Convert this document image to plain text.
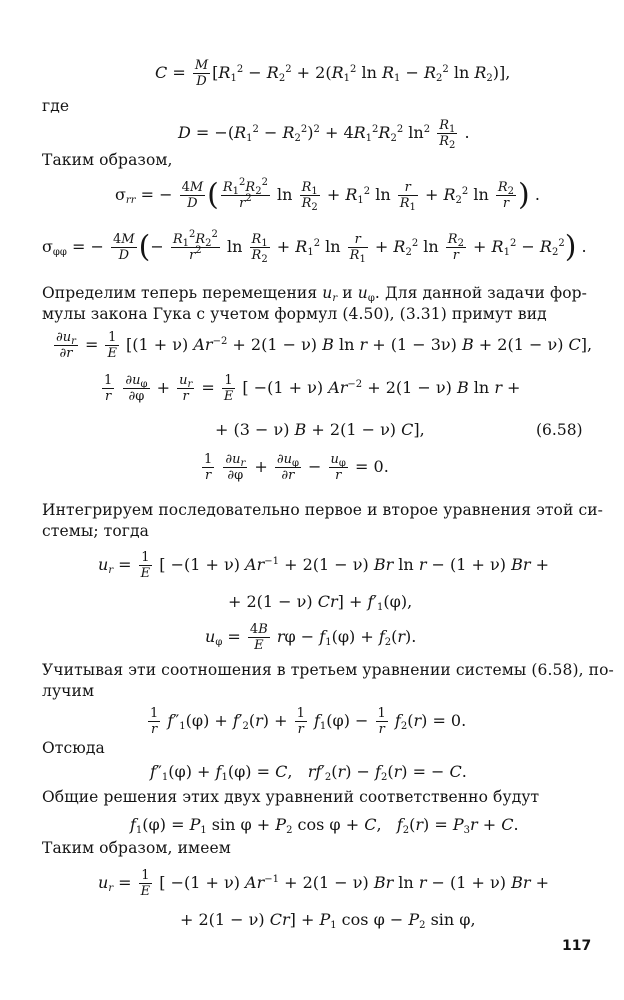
$C = \frac{M}{D} [R_1^2 - R_2^2 + 2(R_1^2$ $\ln R_1 - R_2^2$ $\ln R_2$)],
где
$D = -(R_1^2 - R_2^2)^2 + 4R_1^2R_2^2$ $\ln^2 \frac{R_1}{R_2}$ .
Таким образом,
$\sigma_{rr}$ = − $\frac{4M}{D}$ ( $\frac{R_1^2R_2^2}{r^2}$ $\ln \frac{R_1}{R_2} + R_1^2$ $\ln \frac{r}{R_1} + R_2^2$ $\ln \frac{R_2}{r}$ ) .
$\sigma_{\varphi\varphi}$ = − $\frac{4M}{D}$ (− $\frac{R_1^2R_2^2}{r^2}$ $\ln \frac{R_1}{R_2} + R_1^2$ $\ln \frac{r}{R_1} + R_2^2$ $\ln \frac{R_2}{r} + R_1^2 - R_2^2$) .
Определим теперь перемещения $u_r$ и $u_\varphi$. Для данной задачи фор-
мулы закона Гука с учетом формул (4.50), (3.31) примут вид
$\frac{\partial u_r}{\partial r} = \frac{1}{E} [(1 + \nu) Ar^{-2} + 2(1 - \nu)$ B ln r + (1 − 3ν) B + 2(1 − ν) C],
$\frac{1}{r}$
$\frac{\partial u_\varphi}{\partial\varphi} + \frac{u_r}{r} = \frac{1}{E}$ [ −(1 + ν) $Ar^{-2} + 2(1 - \nu)$ B ln r +
+ (3 − ν) B + 2(1 − ν) C],	(6.58)
$\frac{1}{r}$
$\frac{\partial u_r}{\partial\varphi} + \frac{\partial u_\varphi}{\partial r} - \frac{u_\varphi}{r} = 0$.
Интегрируем последовательно первое и второе уравнения этой си-
стемы; тогда
$u_r = \frac{1}{E}$ [ −(1 + ν) $Ar^{-1} + 2(1 - \nu)$ Br ln r − (1 + ν) Br +
+ 2(1 − ν) $Cr] + f'_1(\varphi)$,
$u_\varphi = \frac{4B}{E}$ $r\varphi - f_1(\varphi) + f_2(r)$.
Учитывая эти соотношения в третьем уравнении системы (6.58), по-
лучим
$\frac{1}{r} f''_1(\varphi) + f'_2(r) + \frac{1}{r} f_1(\varphi) - \frac{1}{r} f_2(r) = 0$.
Отсюда
$f''_1(\varphi) + f_1(\varphi) = C$,   $rf'_2(r) - f_2(r)$ = − C.
Общие решения этих двух уравнений соответственно будут
$f_1(\varphi) = P_1$ $\sin \varphi + P_2$ cos φ + C,   $f_2(r) = P_3r + C$.
Таким образом, имеем
$u_r = \frac{1}{E}$ [ −(1 + ν) $Ar^{-1} + 2(1 - \nu)$ Br ln r − (1 + ν) Br +
+ 2(1 − ν) $Cr] + P_1$ $\cos \varphi - P_2$ sin φ,
117
